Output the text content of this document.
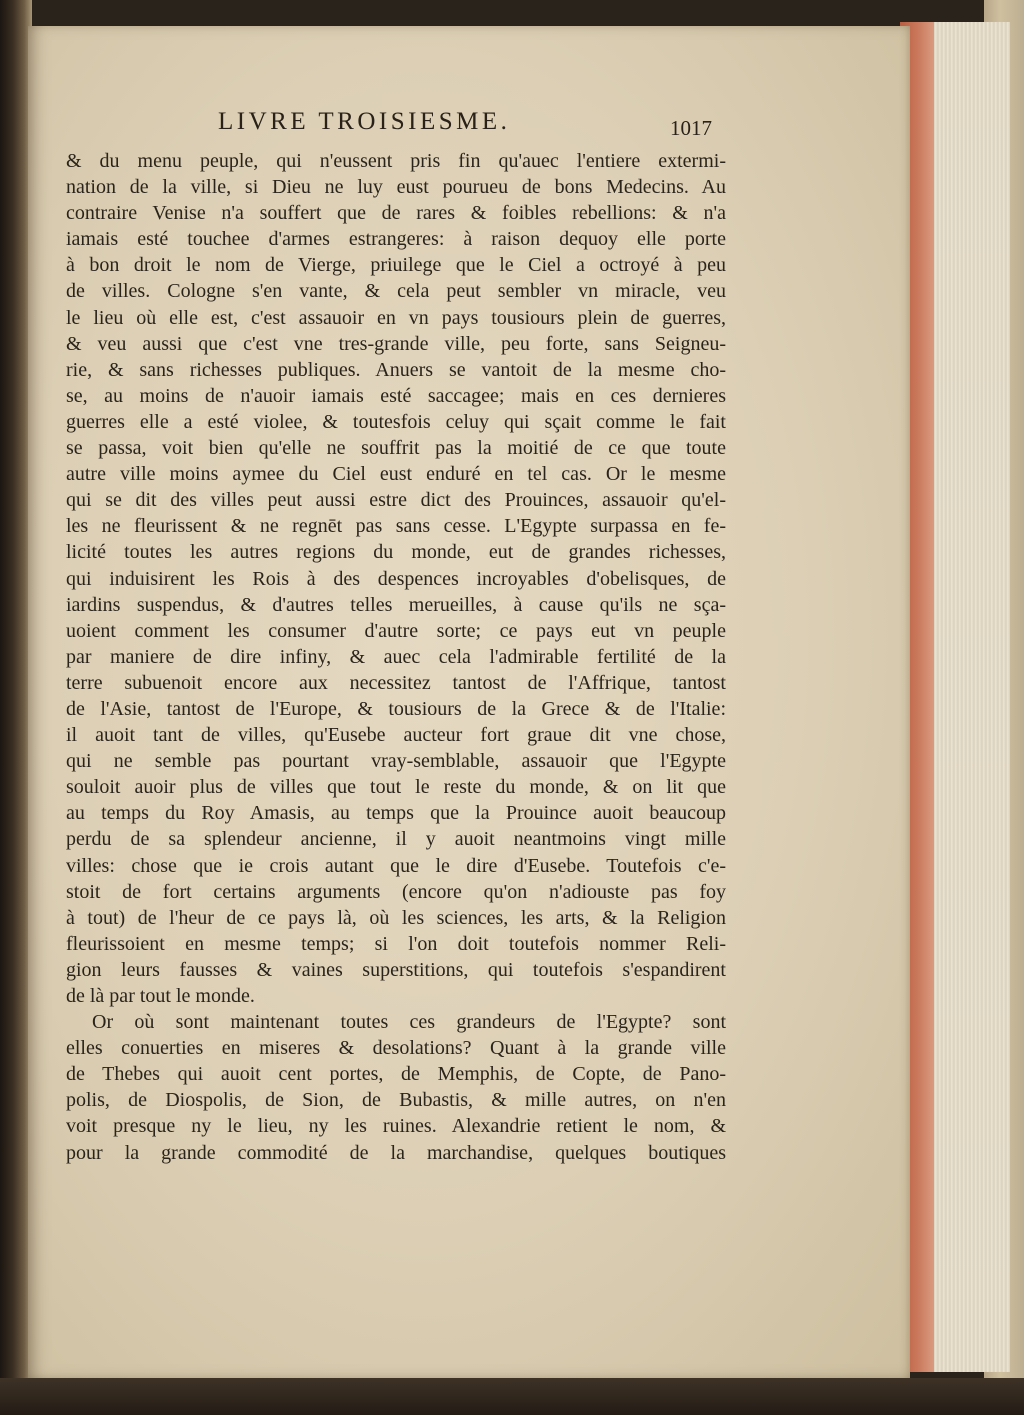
LIVRE TROISIESME.	1017
& du menu peuple, qui n'eussent pris fin qu'auec l'entiere extermi-
nation de la ville, si Dieu ne luy eust pourueu de bons Medecins. Au
contraire Venise n'a souffert que de rares & foibles rebellions: & n'a
iamais esté touchee d'armes estrangeres: à raison dequoy elle porte
à bon droit le nom de Vierge, priuilege que le Ciel a octroyé à peu
de villes. Cologne s'en vante, & cela peut sembler vn miracle, veu
le lieu où elle est, c'est assauoir en vn pays tousiours plein de guerres,
& veu aussi que c'est vne tres-grande ville, peu forte, sans Seigneu-
rie, & sans richesses publiques. Anuers se vantoit de la mesme cho-
se, au moins de n'auoir iamais esté saccagee; mais en ces dernieres
guerres elle a esté violee, & toutesfois celuy qui sçait comme le fait
se passa, voit bien qu'elle ne souffrit pas la moitié de ce que toute
autre ville moins aymee du Ciel eust enduré en tel cas. Or le mesme
qui se dit des villes peut aussi estre dict des Prouinces, assauoir qu'el-
les ne fleurissent & ne regnēt pas sans cesse. L'Egypte surpassa en fe-
licité toutes les autres regions du monde, eut de grandes richesses,
qui induisirent les Rois à des despences incroyables d'obelisques, de
iardins suspendus, & d'autres telles merueilles, à cause qu'ils ne sça-
uoient comment les consumer d'autre sorte; ce pays eut vn peuple
par maniere de dire infiny, & auec cela l'admirable fertilité de la
terre subuenoit encore aux necessitez tantost de l'Affrique, tantost
de l'Asie, tantost de l'Europe, & tousiours de la Grece & de l'Italie:
il auoit tant de villes, qu'Eusebe aucteur fort graue dit vne chose,
qui ne semble pas pourtant vray-semblable, assauoir que l'Egypte
souloit auoir plus de villes que tout le reste du monde, & on lit que
au temps du Roy Amasis, au temps que la Prouince auoit beaucoup
perdu de sa splendeur ancienne, il y auoit neantmoins vingt mille
villes: chose que ie crois autant que le dire d'Eusebe. Toutefois c'e-
stoit de fort certains arguments (encore qu'on n'adiouste pas foy
à tout) de l'heur de ce pays là, où les sciences, les arts, & la Religion
fleurissoient en mesme temps; si l'on doit toutefois nommer Reli-
gion leurs fausses & vaines superstitions, qui toutefois s'espandirent
de là par tout le monde.
Or où sont maintenant toutes ces grandeurs de l'Egypte? sont
elles conuerties en miseres & desolations? Quant à la grande ville
de Thebes qui auoit cent portes, de Memphis, de Copte, de Pano-
polis, de Diospolis, de Sion, de Bubastis, & mille autres, on n'en
voit presque ny le lieu, ny les ruines. Alexandrie retient le nom, &
pour la grande commodité de la marchandise, quelques boutiques
